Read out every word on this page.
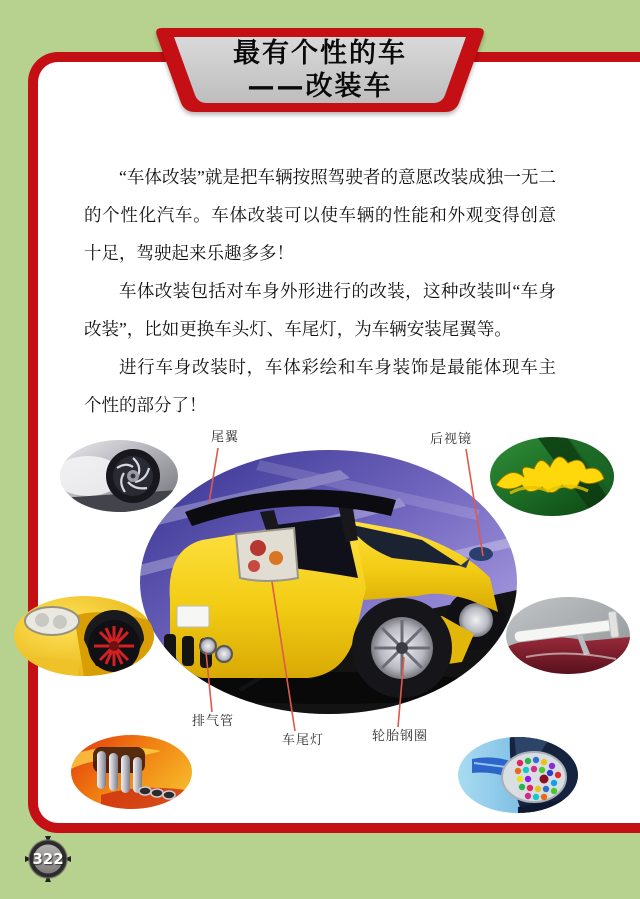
最有个性的车
——改装车

“车体改装”就是把车辆按照驾驶者的意愿改装成独一无二的个性化汽车。车体改装可以使车辆的性能和外观变得创意十足，驾驶起来乐趣多多！

车体改装包括对车身外形进行的改装，这种改装叫“车身改装”，比如更换车头灯、车尾灯，为车辆安装尾翼等。

进行车身改装时，车体彩绘和车身装饰是最能体现车主个性的部分了！

尾翼	后视镜
排气管
车尾灯	轮胎钢圈
322
